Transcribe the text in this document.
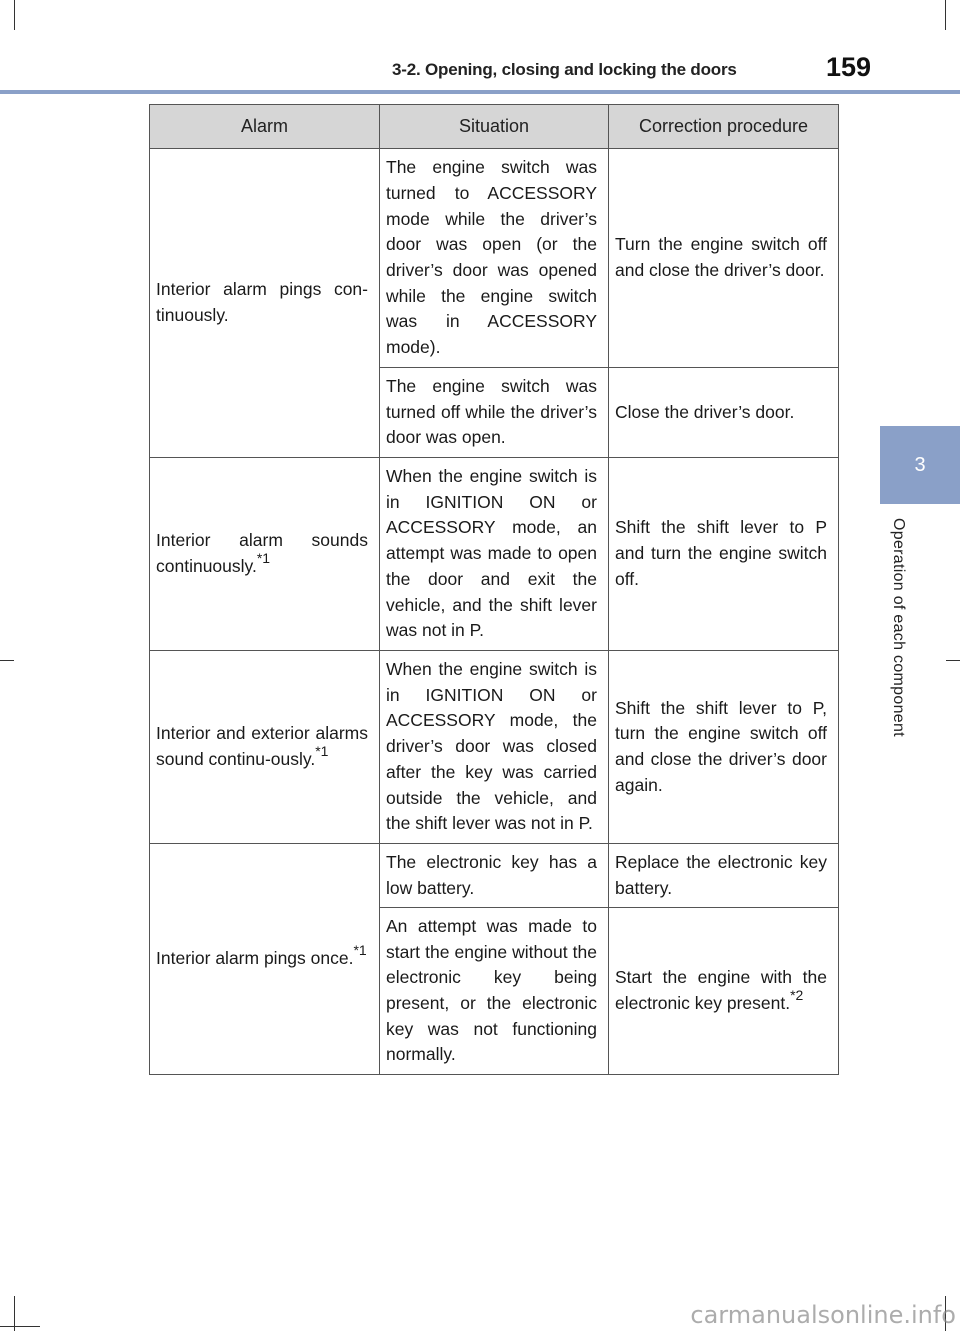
3-2. Opening, closing and locking the doors	159
3
Operation of each component
Alarm	Situation	Correction procedure
Interior alarm pings con-tinuously.	The engine switch was turned to ACCESSORY mode while the driver’s door was open (or the driver’s door was opened while the engine switch was in ACCESSORY mode).	Turn the engine switch off and close the driver’s door.
	The engine switch was turned off while the driver’s door was open.	Close the driver’s door.
Interior alarm sounds continuously.$^{*1}$	When the engine switch is in IGNITION ON or ACCESSORY mode, an attempt was made to open the door and exit the vehicle, and the shift lever was not in P.	Shift the shift lever to P and turn the engine switch off.
Interior and exterior alarms sound continu-ously.$^{*1}$	When the engine switch is in IGNITION ON or ACCESSORY mode, the driver’s door was closed after the key was carried outside the vehicle, and the shift lever was not in P.	Shift the shift lever to P, turn the engine switch off and close the driver’s door again.
Interior alarm pings once.$^{*1}$	The electronic key has a low battery.	Replace the electronic key battery.
	An attempt was made to start the engine without the electronic key being present, or the electronic key was not functioning normally.	Start the engine with the electronic key present.$^{*2}$
carmanualsonline.info
